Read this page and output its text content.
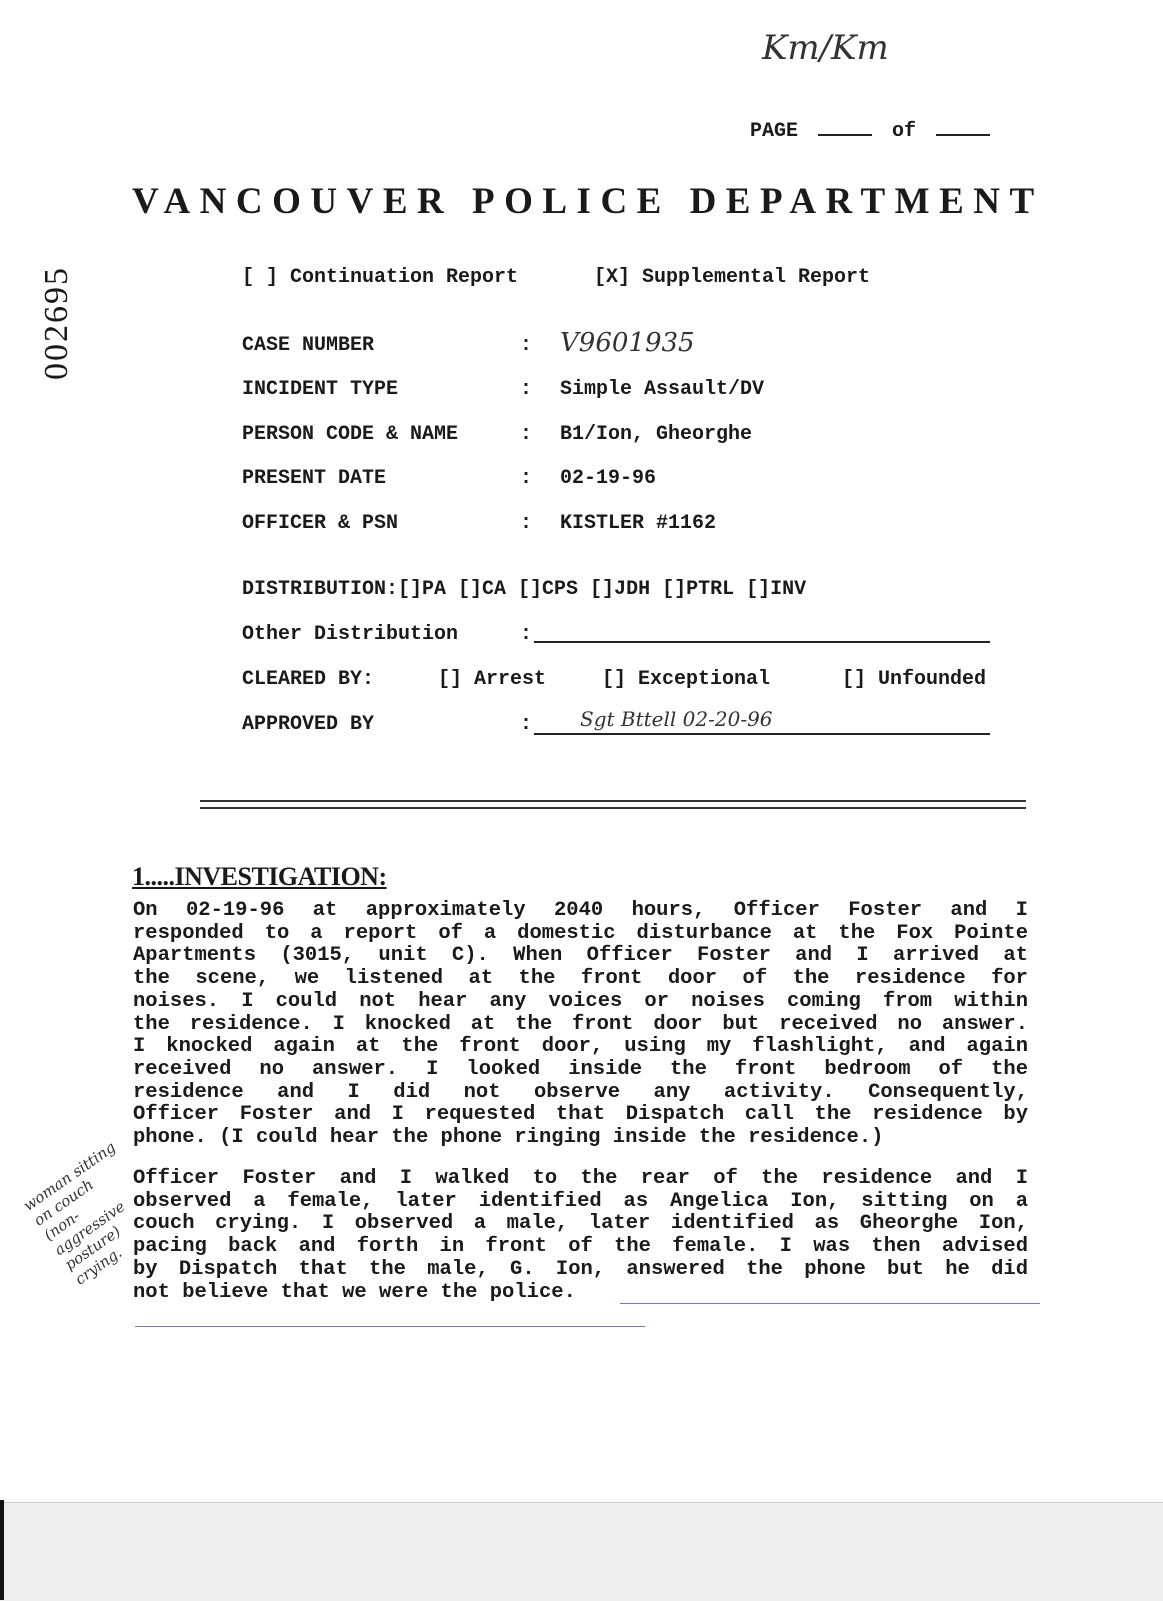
Km/Km
PAGE	of
VANCOUVER POLICE DEPARTMENT
002695	[ ] Continuation Report	[X] Supplemental Report
CASE NUMBER	: V9601935
INCIDENT TYPE	: Simple Assault/DV
PERSON CODE & NAME	: B1/Ion, Gheorghe
PRESENT DATE	: 02-19-96
OFFICER & PSN	: KISTLER #1162
DISTRIBUTION:[]PA []CA []CPS []JDH []PTRL []INV
Other Distribution	:
CLEARED BY:	[] Arrest	[] Exceptional	[] Unfounded
APPROVED BY	: Sgt Bttell 02-20-96
1.....INVESTIGATION:
On 02-19-96 at approximately 2040 hours, Officer Foster and I
responded to a report of a domestic disturbance at the Fox Pointe
Apartments (3015, unit C). When Officer Foster and I arrived at
the scene, we listened at the front door of the residence for
noises. I could not hear any voices or noises coming from within
the residence. I knocked at the front door but received no answer.
I knocked again at the front door, using my flashlight, and again
received no answer. I looked inside the front bedroom of the
residence and I did not observe any activity. Consequently,
Officer Foster and I requested that Dispatch call the residence by
phone. (I could hear the phone ringing inside the residence.)
Officer Foster and I walked to the rear of the residence and I
observed a female, later identified as Angelica Ion, sitting on a
couch crying. I observed a male, later identified as Gheorghe Ion,
pacing back and forth in front of the female. I was then advised
by Dispatch that the male, G. Ion, answered the phone but he did
not believe that we were the police.
woman sitting on couch (non-aggressive posture) crying.
